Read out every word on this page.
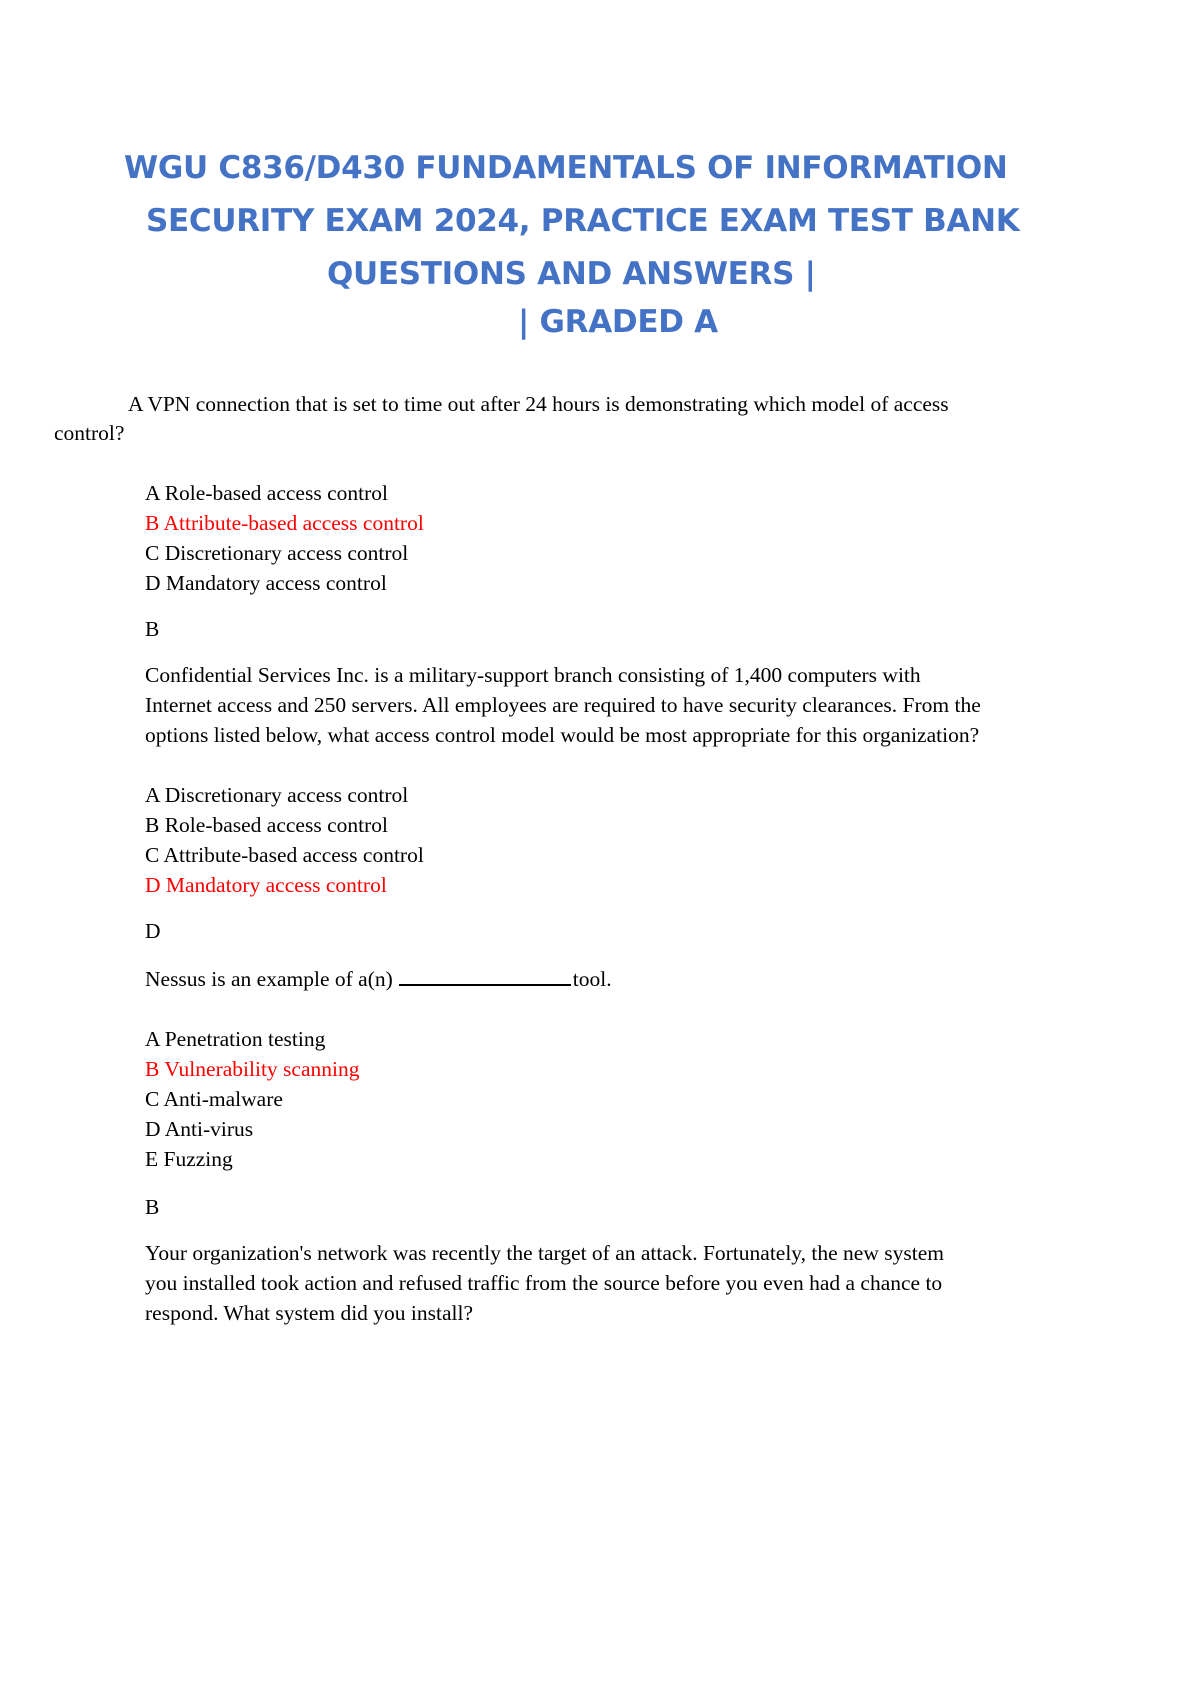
WGU C836/D430 FUNDAMENTALS OF INFORMATION
SECURITY EXAM 2024, PRACTICE EXAM TEST BANK
QUESTIONS AND ANSWERS |
| GRADED A
A VPN connection that is set to time out after 24 hours is demonstrating which model of access
control?
A Role-based access control
B Attribute-based access control
C Discretionary access control
D Mandatory access control
B
Confidential Services Inc. is a military-support branch consisting of 1,400 computers with
Internet access and 250 servers. All employees are required to have security clearances. From the
options listed below, what access control model would be most appropriate for this organization?
A Discretionary access control
B Role-based access control
C Attribute-based access control
D Mandatory access control
D
Nessus is an example of a(n)	tool.
A Penetration testing
B Vulnerability scanning
C Anti-malware
D Anti-virus
E Fuzzing
B
Your organization's network was recently the target of an attack. Fortunately, the new system
you installed took action and refused traffic from the source before you even had a chance to
respond. What system did you install?
